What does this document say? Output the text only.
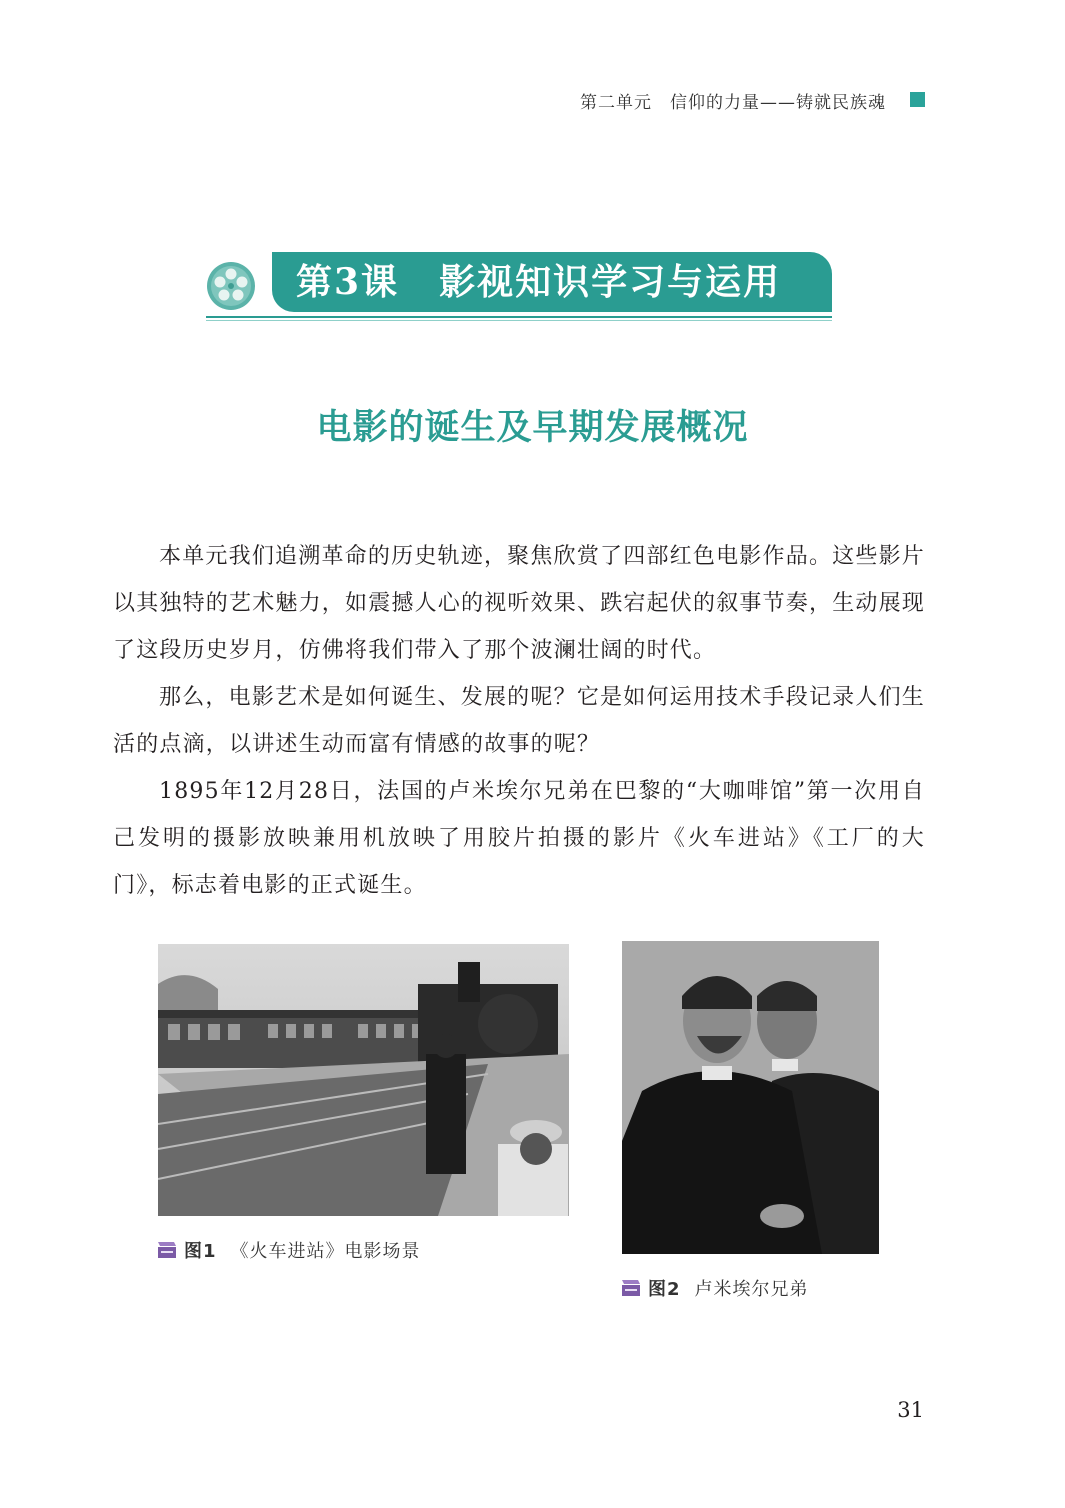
第二单元 信仰的力量——铸就民族魂
第3课 影视知识学习与运用
电影的诞生及早期发展概况

本单元我们追溯革命的历史轨迹，聚焦欣赏了四部红色电影作品。这些影片以其独特的艺术魅力，如震撼人心的视听效果、跌宕起伏的叙事节奏，生动展现了这段历史岁月，仿佛将我们带入了那个波澜壮阔的时代。

那么，电影艺术是如何诞生、发展的呢？它是如何运用技术手段记录人们生活的点滴，以讲述生动而富有情感的故事的呢？

1895年12月28日，法国的卢米埃尔兄弟在巴黎的“大咖啡馆”第一次用自己发明的摄影放映兼用机放映了用胶片拍摄的影片《火车进站》《工厂的大门》，标志着电影的正式诞生。

图1 《火车进站》电影场景
图2 卢米埃尔兄弟
31
